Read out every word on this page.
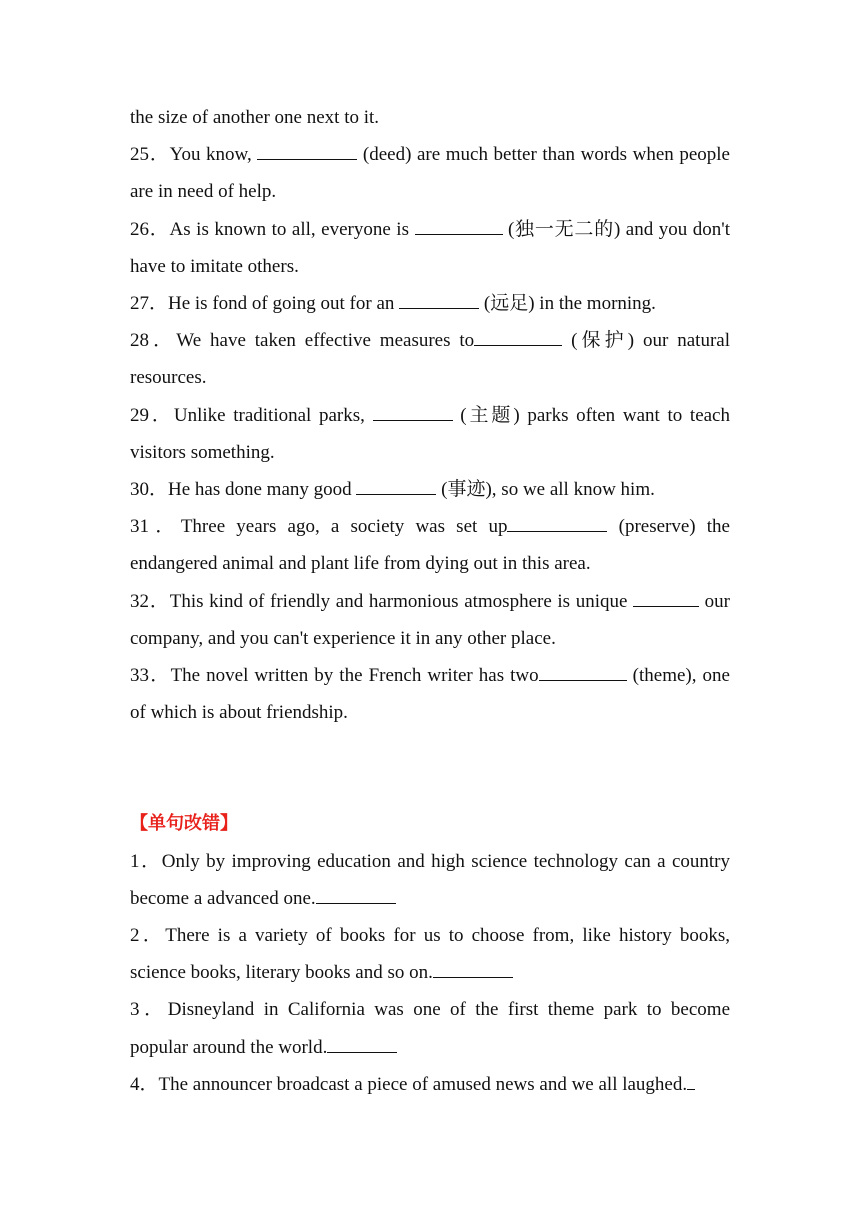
the size of another one next to it.

25．You know,	(deed) are much better than words when people are in need of help.

26．As is known to all, everyone is	(独一无二的) and you don't have to imitate others.

27．He is fond of going out for an	(远足) in the morning.

28．We have taken effective measures to	(保护) our natural resources.

29．Unlike traditional parks,	(主题) parks often want to teach visitors something.

30．He has done many good	(事迹), so we all know him.

31．Three years ago, a society was set up	(preserve) the endangered animal and plant life from dying out in this area.

32．This kind of friendly and harmonious atmosphere is unique	our company, and you can't experience it in any other place.

33．The novel written by the French writer has two	(theme), one of which is about friendship.

【单句改错】

1．Only by improving education and high science technology can a country become a advanced one.

2．There is a variety of books for us to choose from, like history books, science books, literary books and so on.

3．Disneyland in California was one of the first theme park to become popular around the world.

4．The announcer broadcast a piece of amused news and we all laughed.
